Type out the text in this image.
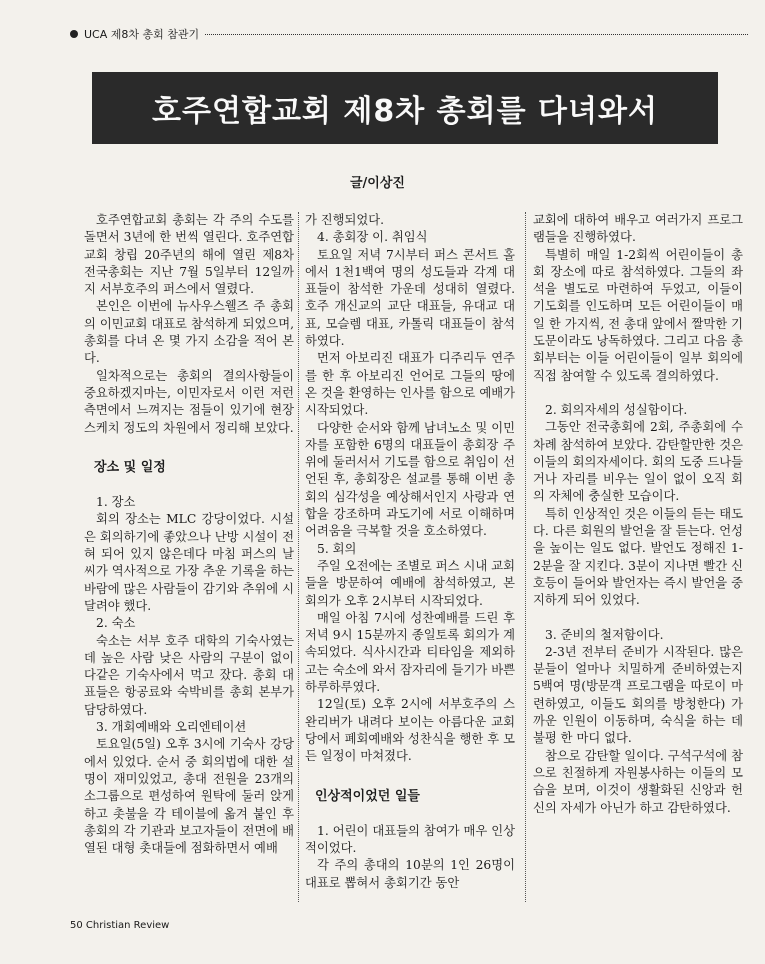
UCA 제8차 총회 참관기
호주연합교회 제8차 총회를 다녀와서
글/이상진

호주연합교회 총회는 각 주의 수도를 돌면서 3년에 한 번씩 열린다. 호주연합교회 창립 20주년의 해에 열린 제8차 전국총회는 지난 7월 5일부터 12일까지 서부호주의 퍼스에서 열렸다.

본인은 이번에 뉴사우스웰즈 주 총회의 이민교회 대표로 참석하게 되었으며, 총회를 다녀 온 몇 가지 소감을 적어 본다.

일차적으로는 총회의 결의사항들이 중요하겠지마는, 이민자로서 이런 저런 측면에서 느껴지는 점들이 있기에 현장 스케치 정도의 차원에서 정리해 보았다.

장소 및 일정

1. 장소

회의 장소는 MLC 강당이었다. 시설은 회의하기에 좋았으나 난방 시설이 전혀 되어 있지 않은데다 마침 퍼스의 날씨가 역사적으로 가장 추운 기록을 하는 바람에 많은 사람들이 감기와 추위에 시달려야 했다.

2. 숙소

숙소는 서부 호주 대학의 기숙사였는데 높은 사람 낮은 사람의 구분이 없이 다같은 기숙사에서 먹고 잤다. 총회 대표들은 항공료와 숙박비를 총회 본부가 담당하였다.

3. 개회예배와 오리엔테이션

토요일(5일) 오후 3시에 기숙사 강당에서 있었다. 순서 중 회의법에 대한 설명이 재미있었고, 총대 전원을 23개의 소그룹으로 편성하여 원탁에 둘러 앉게 하고 촛불을 각 테이블에 옮겨 붙인 후 총회의 각 기관과 보고자들이 전면에 배열된 대형 촛대들에 점화하면서 예배

가 진행되었다.

4. 총회장 이. 취임식

토요일 저녁 7시부터 퍼스 콘서트 홀에서 1천1백여 명의 성도들과 각계 대표들이 참석한 가운데 성대히 열렸다. 호주 개신교의 교단 대표들, 유대교 대표, 모슬렘 대표, 카톨릭 대표들이 참석하였다.

먼저 아보리진 대표가 디주리두 연주를 한 후 아보리진 언어로 그들의 땅에 온 것을 환영하는 인사를 함으로 예배가 시작되었다.

다양한 순서와 함께 남녀노소 및 이민자를 포함한 6명의 대표들이 총회장 주위에 둘러서서 기도를 함으로 취임이 선언된 후, 총회장은 설교를 통해 이번 총회의 심각성을 예상해서인지 사랑과 연합을 강조하며 과도기에 서로 이해하며 어려움을 극복할 것을 호소하였다.

5. 회의

주일 오전에는 조별로 퍼스 시내 교회들을 방문하여 예배에 참석하였고, 본 회의가 오후 2시부터 시작되었다.

매일 아침 7시에 성찬예배를 드린 후 저녁 9시 15분까지 종일토록 회의가 계속되었다. 식사시간과 티타임을 제외하고는 숙소에 와서 잠자리에 들기가 바쁜 하루하루였다.

12일(토) 오후 2시에 서부호주의 스완리버가 내려다 보이는 아름다운 교회당에서 폐회예배와 성찬식을 행한 후 모든 일정이 마쳐졌다.

인상적이었던 일들

1. 어린이 대표들의 참여가 매우 인상적이었다.

각 주의 총대의 10분의 1인 26명이 대표로 뽑혀서 총회기간 동안

교회에 대하여 배우고 여러가지 프로그램들을 진행하였다.

특별히 매일 1-2회씩 어린이들이 총회 장소에 따로 참석하였다. 그들의 좌석을 별도로 마련하여 두었고, 이들이 기도회를 인도하며 모든 어린이들이 매일 한 가지씩, 전 총대 앞에서 짤막한 기도문이라도 낭독하였다. 그리고 다음 총회부터는 이들 어린이들이 일부 회의에 직접 참여할 수 있도록 결의하였다.

2. 회의자세의 성실함이다.

그동안 전국총회에 2회, 주총회에 수 차례 참석하여 보았다. 감탄할만한 것은 이들의 회의자세이다. 회의 도중 드나들거나 자리를 비우는 일이 없이 오직 회의 자체에 충실한 모습이다.

특히 인상적인 것은 이들의 듣는 태도다. 다른 회원의 발언을 잘 듣는다. 언성을 높이는 일도 없다. 발언도 정해진 1-2분을 잘 지킨다. 3분이 지나면 빨간 신호등이 들어와 발언자는 즉시 발언을 중지하게 되어 있었다.

3. 준비의 철저함이다.

2-3년 전부터 준비가 시작된다. 많은 분들이 얼마나 치밀하게 준비하였는지 5백여 명(방문객 프로그램을 따로이 마련하였고, 이들도 회의를 방청한다) 가까운 인원이 이동하며, 숙식을 하는 데 불평 한 마디 없다.

참으로 감탄할 일이다. 구석구석에 참으로 친절하게 자원봉사하는 이들의 모습을 보며, 이것이 생활화된 신앙과 헌신의 자세가 아닌가 하고 감탄하였다.

50 Christian Review
